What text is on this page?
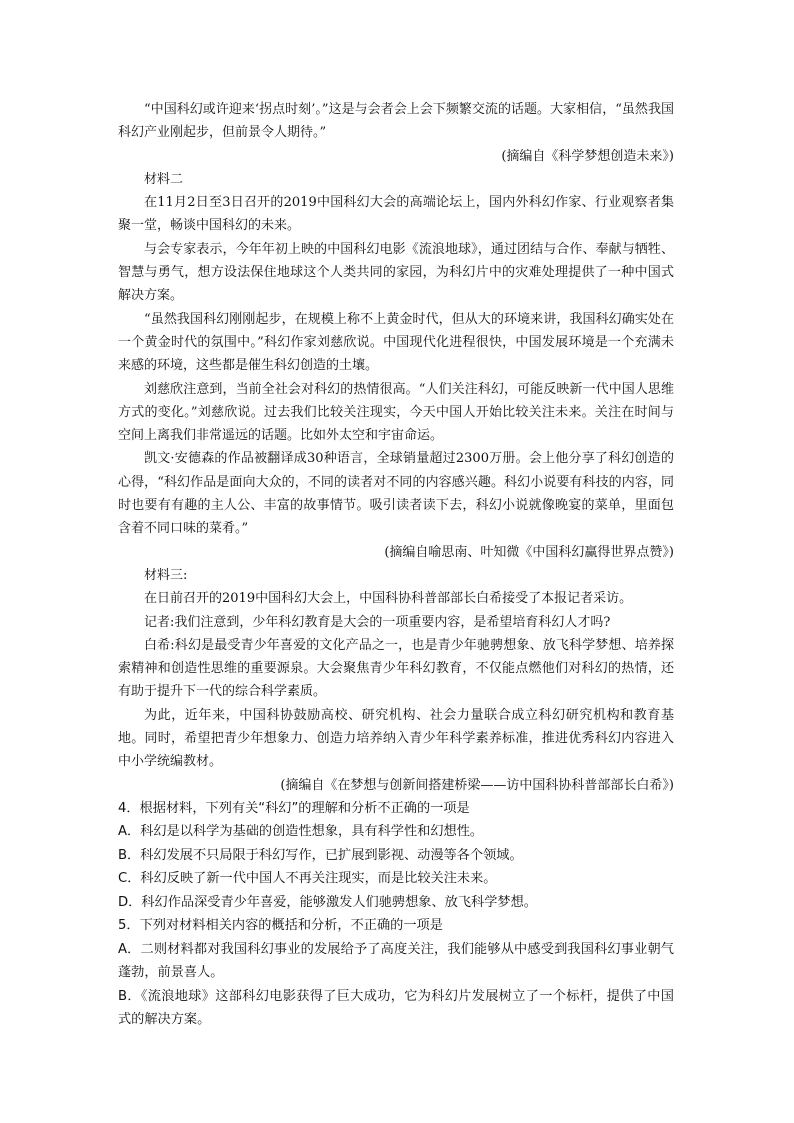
“中国科幻或许迎来‘拐点时刻’。”这是与会者会上会下频繁交流的话题。大家相信，“虽然我国科幻产业刚起步，但前景令人期待。”

(摘编自《科学梦想创造未来》)

材料二

在11月2日至3日召开的2019中国科幻大会的高端论坛上，国内外科幻作家、行业观察者集聚一堂，畅谈中国科幻的未来。

与会专家表示，今年年初上映的中国科幻电影《流浪地球》，通过团结与合作、奉献与牺牲、智慧与勇气，想方设法保住地球这个人类共同的家园，为科幻片中的灾难处理提供了一种中国式解决方案。

“虽然我国科幻刚刚起步，在规模上称不上黄金时代，但从大的环境来讲，我国科幻确实处在一个黄金时代的氛围中。”科幻作家刘慈欣说。中国现代化进程很快，中国发展环境是一个充满未来感的环境，这些都是催生科幻创造的土壤。

刘慈欣注意到，当前全社会对科幻的热情很高。“人们关注科幻，可能反映新一代中国人思维方式的变化。”刘慈欣说。过去我们比较关注现实，今天中国人开始比较关注未来。关注在时间与空间上离我们非常遥远的话题。比如外太空和宇宙命运。

凯文·安德森的作品被翻译成30种语言，全球销量超过2300万册。会上他分享了科幻创造的心得，“科幻作品是面向大众的，不同的读者对不同的内容感兴趣。科幻小说要有科技的内容，同时也要有有趣的主人公、丰富的故事情节。吸引读者读下去，科幻小说就像晚宴的菜单，里面包含着不同口味的菜肴。”

(摘编自喻思南、叶知微《中国科幻赢得世界点赞》)

材料三:

在日前召开的2019中国科幻大会上，中国科协科普部部长白希接受了本报记者采访。

记者:我们注意到，少年科幻教育是大会的一项重要内容，是希望培育科幻人才吗?

白希:科幻是最受青少年喜爱的文化产品之一，也是青少年驰骋想象、放飞科学梦想、培养探索精神和创造性思维的重要源泉。大会聚焦青少年科幻教育，不仅能点燃他们对科幻的热情，还有助于提升下一代的综合科学素质。

为此，近年来，中国科协鼓励高校、研究机构、社会力量联合成立科幻研究机构和教育基地。同时，希望把青少年想象力、创造力培养纳入青少年科学素养标准，推进优秀科幻内容进入中小学统编教材。

(摘编自《在梦想与创新间搭建桥梁——访中国科协科普部部长白希》)

4．根据材料，下列有关“科幻”的理解和分析不正确的一项是

A．科幻是以科学为基础的创造性想象，具有科学性和幻想性。

B．科幻发展不只局限于科幻写作，已扩展到影视、动漫等各个领域。

C．科幻反映了新一代中国人不再关注现实，而是比较关注未来。

D．科幻作品深受青少年喜爱，能够激发人们驰骋想象、放飞科学梦想。

5．下列对材料相关内容的概括和分析，不正确的一项是

A．二则材料都对我国科幻事业的发展给予了高度关注，我们能够从中感受到我国科幻事业朝气蓬勃，前景喜人。

B．《流浪地球》这部科幻电影获得了巨大成功，它为科幻片发展树立了一个标杆，提供了中国式的解决方案。
